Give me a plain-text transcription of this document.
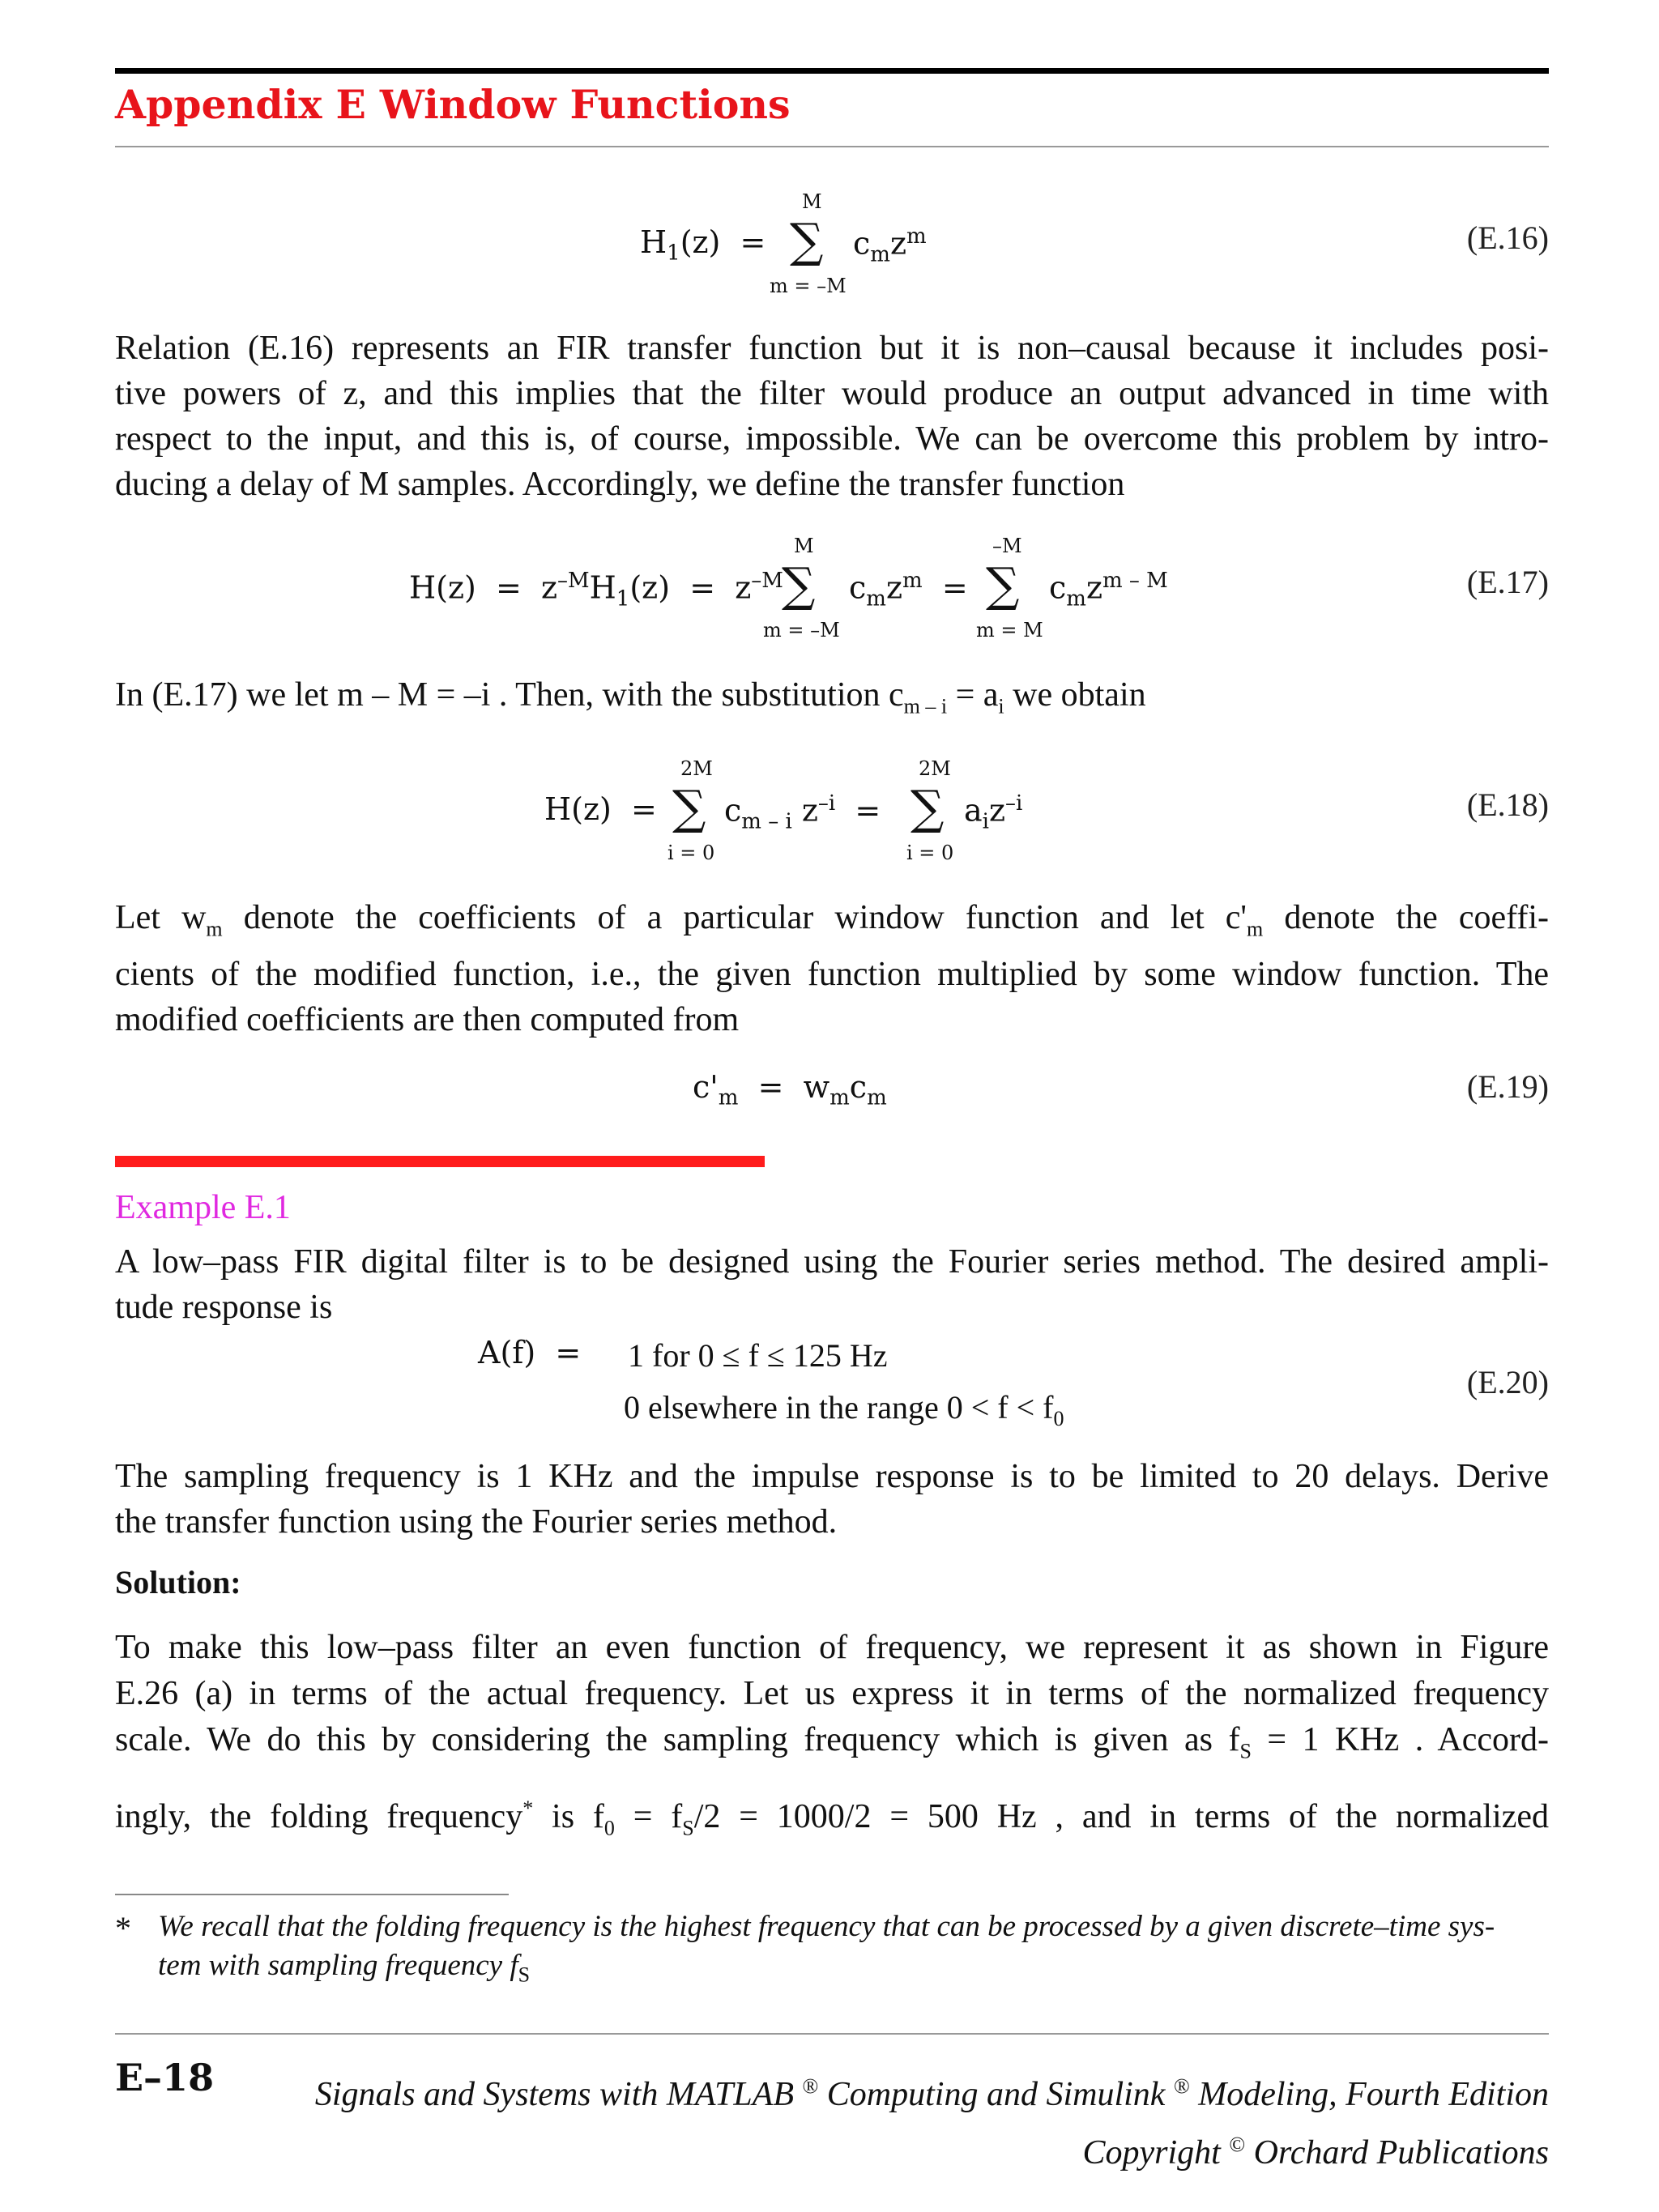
Appendix E Window Functions
$H_1(z)$ =
M
∑
m = –M
$c_mz^m$	(E.16)
Relation (E.16) represents an FIR transfer function but it is non–causal because it includes posi-
tive powers of z, and this implies that the filter would produce an output advanced in time with
respect to the input, and this is, of course, impossible. We can be overcome this problem by intro-
ducing a delay of M samples. Accordingly, we define the transfer function
$H(z) = z^{-M}H_1(z) = z^{-M}$
M
∑
m = –M
$c_mz^m$ =
–M
∑
m = M
$c_mz^{m - M}$	(E.17)
In (E.17) we let m – M = –i . Then, with the substitution $c_{m - i} = a_i$ we obtain
H(z) =
2M
∑
i = 0
$c_{m - i}$ $z^{-i}$ =
2M
∑
i = 0
$a_iz^{-i}$	(E.18)
Let $w_m$ denote the coefficients of a particular window function and let $c'_m$ denote the coeffi-
cients of the modified function, i.e., the given function multiplied by some window function. The
modified coefficients are then computed from
$c'_m = w_mc_m$	(E.19)
Example E.1
A low–pass FIR digital filter is to be designed using the Fourier series method. The desired ampli-
tude response is
A(f) =	1 for 0 ≤ f ≤ 125 Hz
0 elsewhere in the range $0 < f < f_0$
(E.20)
The sampling frequency is 1 KHz and the impulse response is to be limited to 20 delays. Derive
the transfer function using the Fourier series method.
Solution:
To make this low–pass filter an even function of frequency, we represent it as shown in Figure
E.26 (a) in terms of the actual frequency. Let us express it in terms of the normalized frequency
scale. We do this by considering the sampling frequency which is given as $f_S = 1$ KHz . Accord-
ingly, the folding frequency* is $f_0 = f_S/2 = 1000/2 = 500$ Hz , and in terms of the normalized
* We recall that the folding frequency is the highest frequency that can be processed by a given discrete–time sys-
tem with sampling frequency $f_S$
E–18	Signals and Systems with MATLAB ® Computing and Simulink ® Modeling, Fourth Edition
Copyright © Orchard Publications
